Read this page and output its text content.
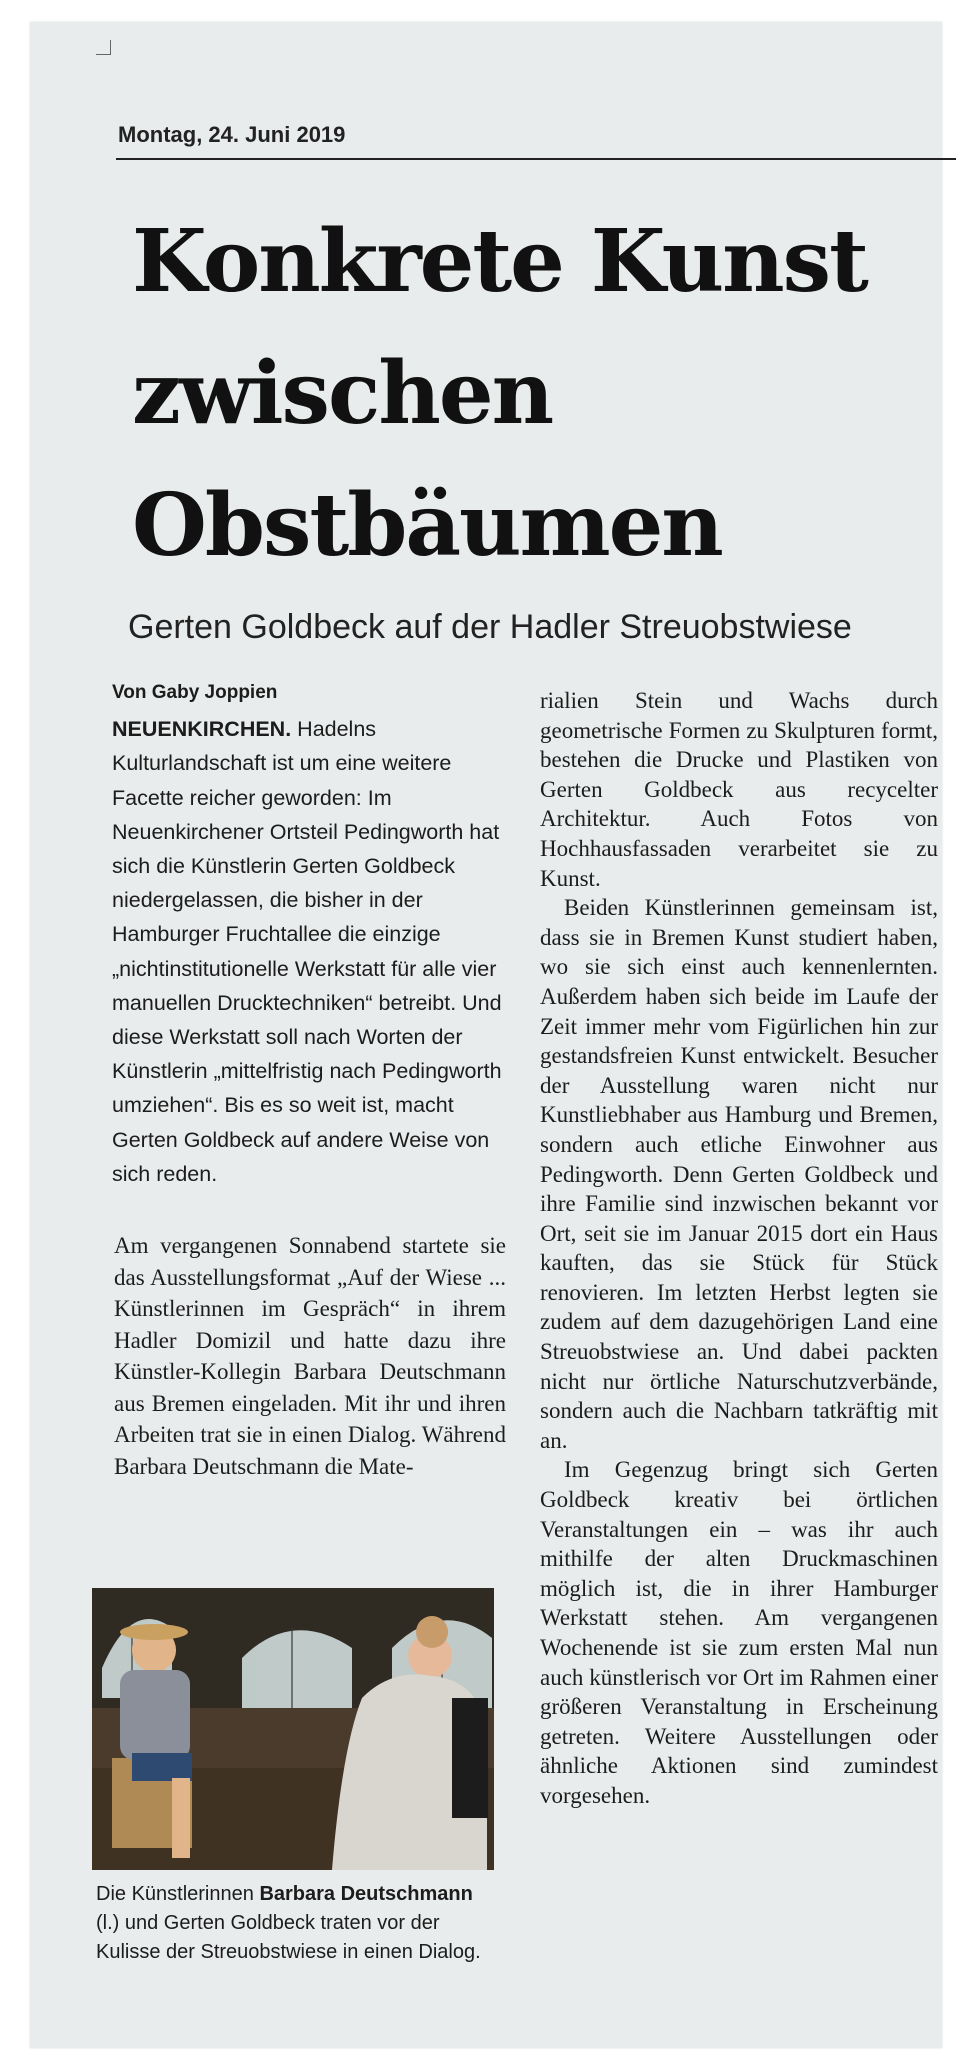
Montag, 24. Juni 2019
Konkrete Kunst
zwischen
Obstbäumen
Gerten Goldbeck auf der Hadler Streuobstwiese
Von Gaby Joppien

NEUENKIRCHEN. Hadelns Kulturlandschaft ist um eine weitere Facette reicher geworden: Im Neuenkirchener Ortsteil Pedingworth hat sich die Künstlerin Gerten Goldbeck niedergelassen, die bisher in der Hamburger Fruchtallee die einzige „nichtinstitutionelle Werkstatt für alle vier manuellen Drucktechniken“ betreibt. Und diese Werkstatt soll nach Worten der Künstlerin „mittelfristig nach Pedingworth umziehen“. Bis es so weit ist, macht Gerten Goldbeck auf andere Weise von sich reden.

Am vergangenen Sonnabend startete sie das Ausstellungsformat „Auf der Wiese ... Künstlerinnen im Gespräch“ in ihrem Hadler Domizil und hatte dazu ihre Künstler-Kollegin Barbara Deutschmann aus Bremen eingeladen. Mit ihr und ihren Arbeiten trat sie in einen Dialog. Während Barbara Deutschmann die Mate-

Die Künstlerinnen Barbara Deutschmann (l.) und Gerten Goldbeck traten vor der Kulisse der Streuobstwiese in einen Dialog.

rialien Stein und Wachs durch geometrische Formen zu Skulpturen formt, bestehen die Drucke und Plastiken von Gerten Goldbeck aus recycelter Architektur. Auch Fotos von Hochhausfassaden verarbeitet sie zu Kunst.

Beiden Künstlerinnen gemeinsam ist, dass sie in Bremen Kunst studiert haben, wo sie sich einst auch kennenlernten. Außerdem haben sich beide im Laufe der Zeit immer mehr vom Figürlichen hin zur gestandsfreien Kunst entwickelt. Besucher der Ausstellung waren nicht nur Kunstliebhaber aus Hamburg und Bremen, sondern auch etliche Einwohner aus Pedingworth. Denn Gerten Goldbeck und ihre Familie sind inzwischen bekannt vor Ort, seit sie im Januar 2015 dort ein Haus kauften, das sie Stück für Stück renovieren. Im letzten Herbst legten sie zudem auf dem dazugehörigen Land eine Streuobstwiese an. Und dabei packten nicht nur örtliche Naturschutzverbände, sondern auch die Nachbarn tatkräftig mit an.

Im Gegenzug bringt sich Gerten Goldbeck kreativ bei örtlichen Veranstaltungen ein – was ihr auch mithilfe der alten Druckmaschinen möglich ist, die in ihrer Hamburger Werkstatt stehen. Am vergangenen Wochenende ist sie zum ersten Mal nun auch künstlerisch vor Ort im Rahmen einer größeren Veranstaltung in Erscheinung getreten. Weitere Ausstellungen oder ähnliche Aktionen sind zumindest vorgesehen.
